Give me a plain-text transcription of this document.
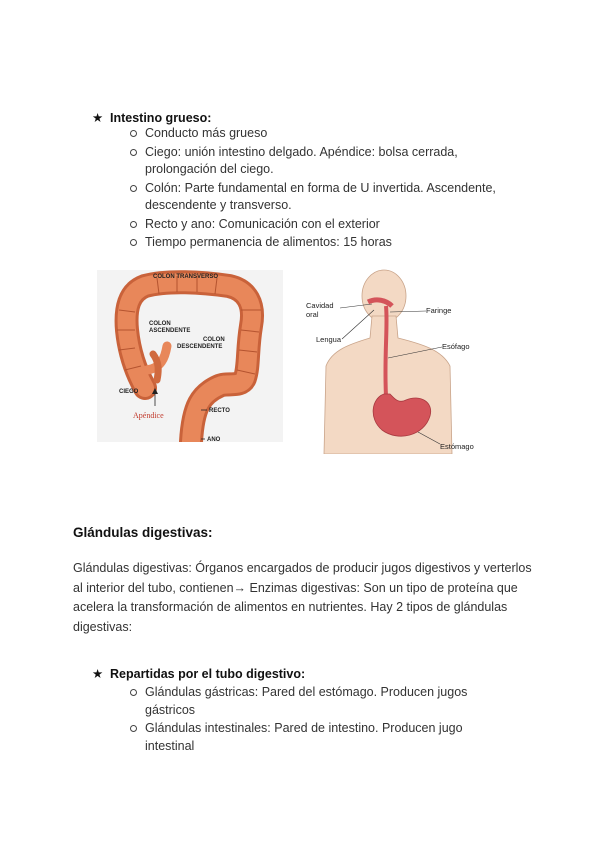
★ Intestino grueso:
Conducto más grueso
Ciego: unión intestino delgado. Apéndice: bolsa cerrada, prolongación del ciego.
Colón: Parte fundamental en forma de U invertida. Ascendente, descendente y transverso.
Recto y ano: Comunicación con el exterior
Tiempo permanencia de alimentos: 15 horas
COLON TRANSVERSO
COLON
ASCENDENTE
COLON
DESCENDENTE
CIEGO
Apéndice	RECTO
ANO
Cavidad
oral	Faringe
Lengua
Esófago
Estómago
Glándulas digestivas:

Glándulas digestivas: Órganos encargados de producir jugos digestivos y verterlos al interior del tubo, contienen→ Enzimas digestivas: Son un tipo de proteína que acelera la transformación de alimentos en nutrientes. Hay 2 tipos de glándulas digestivas:

★ Repartidas por el tubo digestivo:
Glándulas gástricas: Pared del estómago. Producen jugos gástricos
Glándulas intestinales: Pared de intestino. Producen jugo intestinal
